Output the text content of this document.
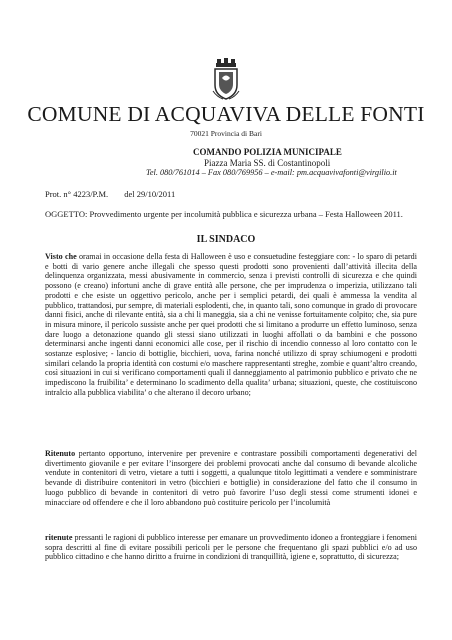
COMUNE DI ACQUAVIVA DELLE FONTI
70021 Provincia di Bari
COMANDO POLIZIA MUNICIPALE
Piazza Maria SS. di Costantinopoli
Tel. 080/761014 – Fax 080/769956 – e-mail: pm.acquavivafonti@virgilio.it
Prot. n° 4223/P.M. del 29/10/2011
OGGETTO: Provvedimento urgente per incolumità pubblica e sicurezza urbana – Festa Halloween 2011.
IL SINDACO
Visto che oramai in occasione della festa di Halloween è uso e consuetudine festeggiare con: - lo sparo di petardi e botti di vario genere anche illegali che spesso questi prodotti sono provenienti dall’attività illecita della delinquenza organizzata, messi abusivamente in commercio, senza i previsti controlli di sicurezza e che quindi possono (e creano) infortuni anche di grave entità alle persone, che per imprudenza o imperizia, utilizzano tali prodotti e che esiste un oggettivo pericolo, anche per i semplici petardi, dei quali è ammessa la vendita al pubblico, trattandosi, pur sempre, di materiali esplodenti, che, in quanto tali, sono comunque in grado di provocare danni fisici, anche di rilevante entità, sia a chi li maneggia, sia a chi ne venisse fortuitamente colpito; che, sia pure in misura minore, il pericolo sussiste anche per quei prodotti che si limitano a produrre un effetto luminoso, senza dare luogo a detonazione quando gli stessi siano utilizzati in luoghi affollati o da bambini e che possono determinarsi anche ingenti danni economici alle cose, per il rischio di incendio connesso al loro contatto con le sostanze esplosive; - lancio di bottiglie, bicchieri, uova, farina nonché utilizzo di spray schiumogeni e prodotti similari celando la propria identità con costumi e/o maschere rappresentanti streghe, zombie e quant’altro creando, così situazioni in cui si verificano comportamenti quali il danneggiamento al patrimonio pubblico e privato che ne impediscono la fruibilita’ e determinano lo scadimento della qualita’ urbana; situazioni, queste, che costituiscono intralcio alla pubblica viabilita’ o che alterano il decoro urbano;
Ritenuto pertanto opportuno, intervenire per prevenire e contrastare possibili comportamenti degenerativi del divertimento giovanile e per evitare l’insorgere dei problemi provocati anche dal consumo di bevande alcoliche vendute in contenitori di vetro, vietare a tutti i soggetti, a qualunque titolo legittimati a vendere e somministrare bevande di distribuire contenitori in vetro (bicchieri e bottiglie) in considerazione del fatto che il consumo in luogo pubblico di bevande in contenitori di vetro può favorire l’uso degli stessi come strumenti idonei e minacciare od offendere e che il loro abbandono può costituire pericolo per l’incolumità
ritenute pressanti le ragioni di pubblico interesse per emanare un provvedimento idoneo a fronteggiare i fenomeni sopra descritti al fine di evitare possibili pericoli per le persone che frequentano gli spazi pubblici e/o ad uso pubblico cittadino e che hanno diritto a fruirne in condizioni di tranquillità, igiene e, soprattutto, di sicurezza;
